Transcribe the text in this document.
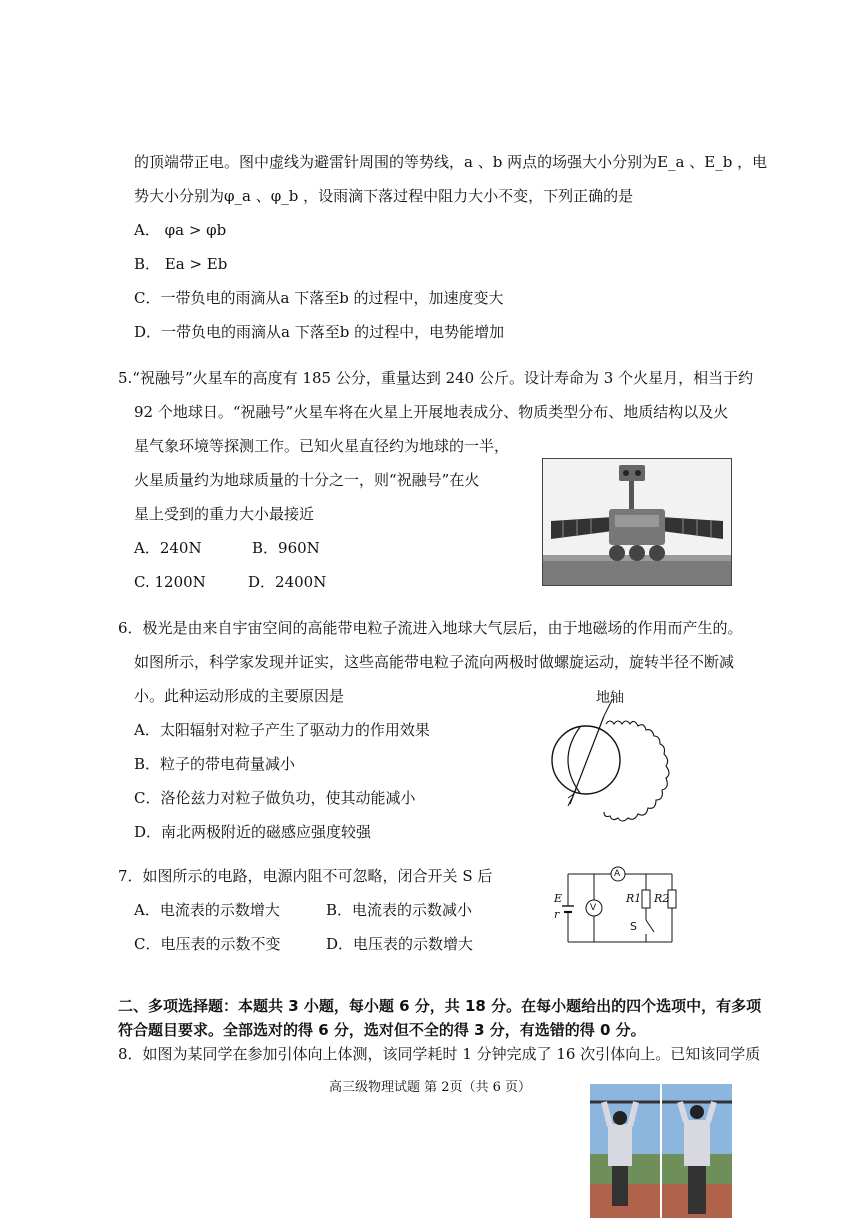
的顶端带正电。图中虚线为避雷针周围的等势线，a 、b 两点的场强大小分别为E_a 、E_b ，电
势大小分别为φ_a 、φ_b ，设雨滴下落过程中阻力大小不变，下列正确的是
A． φa > φb
B． Ea > Eb
C．一带负电的雨滴从a 下落至b 的过程中，加速度变大
D．一带负电的雨滴从a 下落至b 的过程中，电势能增加
5.“祝融号”火星车的高度有 185 公分，重量达到 240 公斤。设计寿命为 3 个火星月，相当于约
92 个地球日。“祝融号”火星车将在火星上开展地表成分、物质类型分布、地质结构以及火
星气象环境等探测工作。已知火星直径约为地球的一半，
火星质量约为地球质量的十分之一，则“祝融号”在火
星上受到的重力大小最接近
A．240N	B．960N
C. 1200N	D．2400N
6．极光是由来自宇宙空间的高能带电粒子流进入地球大气层后，由于地磁场的作用而产生的。
如图所示，科学家发现并证实，这些高能带电粒子流向两极时做螺旋运动，旋转半径不断减
小。此种运动形成的主要原因是
A．太阳辐射对粒子产生了驱动力的作用效果
B．粒子的带电荷量减小
C．洛伦兹力对粒子做负功，使其动能减小
D．南北两极附近的磁感应强度较强
地轴
7．如图所示的电路，电源内阻不可忽略，闭合开关 S 后
A．电流表的示数增大	B．电流表的示数减小
C．电压表的示数不变	D．电压表的示数增大
A
V
E
r
R1 R2
S
二、多项选择题：本题共 3 小题，每小题 6 分，共 18 分。在每小题给出的四个选项中，有多项
符合题目要求。全部选对的得 6 分，选对但不全的得 3 分，有选错的得 0 分。
8．如图为某同学在参加引体向上体测，该同学耗时 1 分钟完成了 16 次引体向上。已知该同学质
高三级物理试题 第 2页（共 6 页）
